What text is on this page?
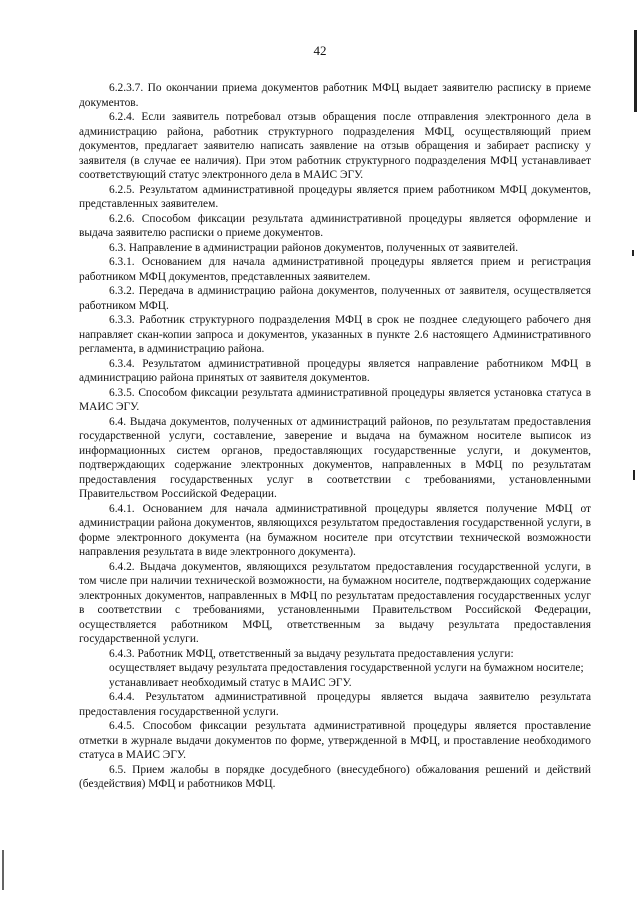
42

6.2.3.7. По окончании приема документов работник МФЦ выдает заявителю расписку в приеме документов.

6.2.4. Если заявитель потребовал отзыв обращения после отправления электронного дела в администрацию района, работник структурного подразделения МФЦ, осуществляющий прием документов, предлагает заявителю написать заявление на отзыв обращения и забирает расписку у заявителя (в случае ее наличия). При этом работник структурного подразделения МФЦ устанавливает соответствующий статус электронного дела в МАИС ЭГУ.

6.2.5. Результатом административной процедуры является прием работником МФЦ документов, представленных заявителем.

6.2.6. Способом фиксации результата административной процедуры является оформление и выдача заявителю расписки о приеме документов.

6.3. Направление в администрации районов документов, полученных от заявителей.

6.3.1. Основанием для начала административной процедуры является прием и регистрация работником МФЦ документов, представленных заявителем.

6.3.2. Передача в администрацию района документов, полученных от заявителя, осуществляется работником МФЦ.

6.3.3. Работник структурного подразделения МФЦ в срок не позднее следующего рабочего дня направляет скан-копии запроса и документов, указанных в пункте 2.6 настоящего Административного регламента, в администрацию района.

6.3.4. Результатом административной процедуры является направление работником МФЦ в администрацию района принятых от заявителя документов.

6.3.5. Способом фиксации результата административной процедуры является установка статуса в МАИС ЭГУ.

6.4. Выдача документов, полученных от администраций районов, по результатам предоставления государственной услуги, составление, заверение и выдача на бумажном носителе выписок из информационных систем органов, предоставляющих государственные услуги, и документов, подтверждающих содержание электронных документов, направленных в МФЦ по результатам предоставления государственных услуг в соответствии с требованиями, установленными Правительством Российской Федерации.

6.4.1. Основанием для начала административной процедуры является получение МФЦ от администрации района документов, являющихся результатом предоставления государственной услуги, в форме электронного документа (на бумажном носителе при отсутствии технической возможности направления результата в виде электронного документа).

6.4.2. Выдача документов, являющихся результатом предоставления государственной услуги, в том числе при наличии технической возможности, на бумажном носителе, подтверждающих содержание электронных документов, направленных в МФЦ по результатам предоставления государственных услуг в соответствии с требованиями, установленными Правительством Российской Федерации, осуществляется работником МФЦ, ответственным за выдачу результата предоставления государственной услуги.

6.4.3. Работник МФЦ, ответственный за выдачу результата предоставления услуги:

осуществляет выдачу результата предоставления государственной услуги на бумажном носителе;

устанавливает необходимый статус в МАИС ЭГУ.

6.4.4. Результатом административной процедуры является выдача заявителю результата предоставления государственной услуги.

6.4.5. Способом фиксации результата административной процедуры является проставление отметки в журнале выдачи документов по форме, утвержденной в МФЦ, и проставление необходимого статуса в МАИС ЭГУ.

6.5. Прием жалобы в порядке досудебного (внесудебного) обжалования решений и действий (бездействия) МФЦ и работников МФЦ.
